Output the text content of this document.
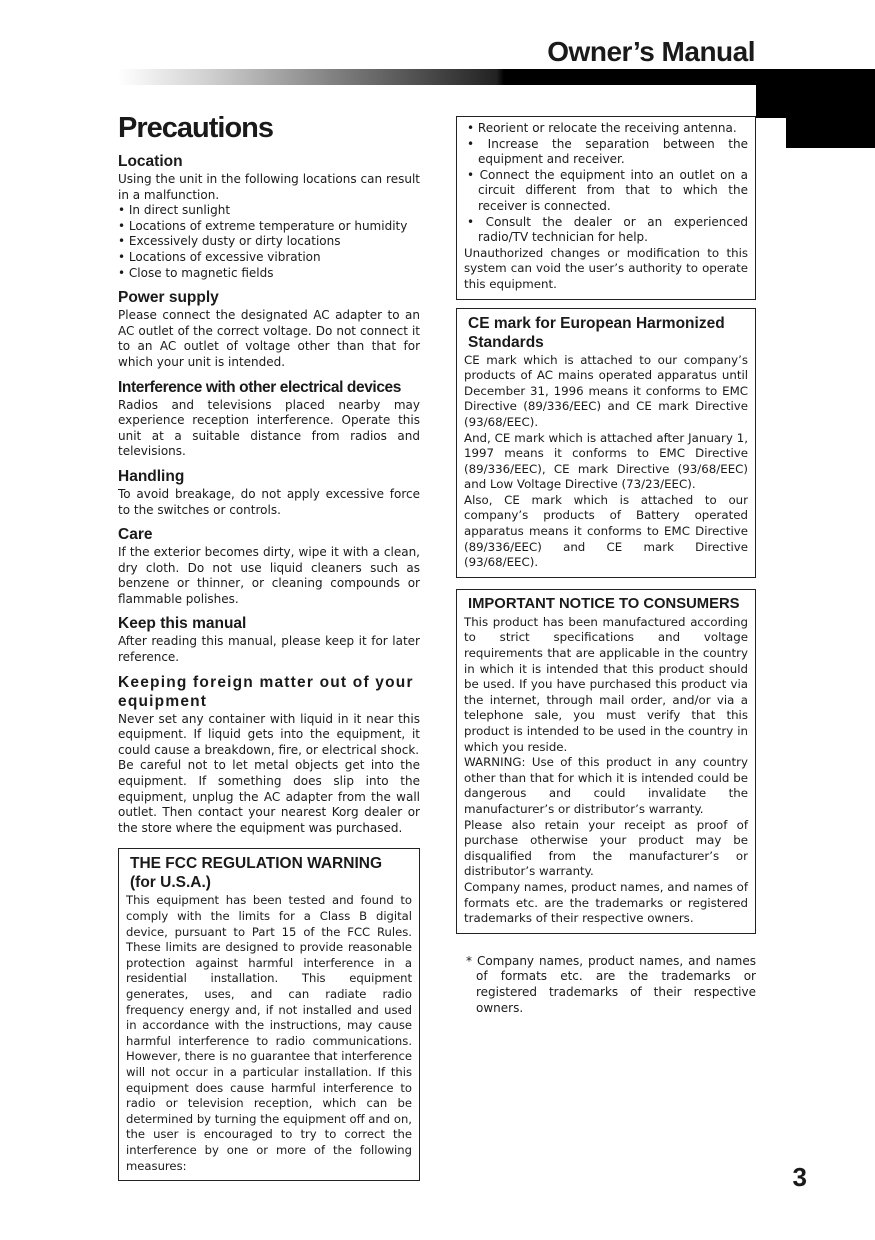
Owner’s Manual
Precautions
Location

Using the unit in the following locations can result in a malfunction.

• In direct sunlight

• Locations of extreme temperature or humidity

• Excessively dusty or dirty locations

• Locations of excessive vibration

• Close to magnetic fields

Power supply

Please connect the designated AC adapter to an AC outlet of the correct voltage. Do not connect it to an AC outlet of voltage other than that for which your unit is intended.

Interference with other electrical devices

Radios and televisions placed nearby may experience reception interference. Operate this unit at a suitable distance from radios and televisions.

Handling

To avoid breakage, do not apply excessive force to the switches or controls.

Care

If the exterior becomes dirty, wipe it with a clean, dry cloth. Do not use liquid cleaners such as benzene or thinner, or cleaning compounds or flammable polishes.

Keep this manual

After reading this manual, please keep it for later reference.

Keeping foreign matter out of your equipment

Never set any container with liquid in it near this equipment. If liquid gets into the equipment, it could cause a breakdown, fire, or electrical shock.

Be careful not to let metal objects get into the equipment. If something does slip into the equipment, unplug the AC adapter from the wall outlet. Then contact your nearest Korg dealer or the store where the equipment was purchased.

THE FCC REGULATION WARNING (for U.S.A.)

This equipment has been tested and found to comply with the limits for a Class B digital device, pursuant to Part 15 of the FCC Rules. These limits are designed to provide reasonable protection against harmful interference in a residential installation. This equipment generates, uses, and can radiate radio frequency energy and, if not installed and used in accordance with the instructions, may cause harmful interference to radio communications. However, there is no guarantee that interference will not occur in a particular installation. If this equipment does cause harmful interference to radio or television reception, which can be determined by turning the equipment off and on, the user is encouraged to try to correct the interference by one or more of the following measures:

• Reorient or relocate the receiving antenna.

• Increase the separation between the equipment and receiver.

• Connect the equipment into an outlet on a circuit different from that to which the receiver is connected.

• Consult the dealer or an experienced radio/TV technician for help.

Unauthorized changes or modification to this system can void the user’s authority to operate this equipment.

CE mark for European Harmonized Standards

CE mark which is attached to our company’s products of AC mains operated apparatus until December 31, 1996 means it conforms to EMC Directive (89/336/EEC) and CE mark Directive (93/68/EEC).

And, CE mark which is attached after January 1, 1997 means it conforms to EMC Directive (89/336/EEC), CE mark Directive (93/68/EEC) and Low Voltage Directive (73/23/EEC).

Also, CE mark which is attached to our company’s products of Battery operated apparatus means it conforms to EMC Directive (89/336/EEC) and CE mark Directive (93/68/EEC).

IMPORTANT NOTICE TO CONSUMERS

This product has been manufactured according to strict specifications and voltage requirements that are applicable in the country in which it is intended that this product should be used. If you have purchased this product via the internet, through mail order, and/or via a telephone sale, you must verify that this product is intended to be used in the country in which you reside.

WARNING: Use of this product in any country other than that for which it is intended could be dangerous and could invalidate the manufacturer’s or distributor’s warranty.

Please also retain your receipt as proof of purchase otherwise your product may be disqualified from the manufacturer’s or distributor’s warranty.

Company names, product names, and names of formats etc. are the trademarks or registered trademarks of their respective owners.

* Company names, product names, and names of formats etc. are the trademarks or registered trademarks of their respective owners.

3
